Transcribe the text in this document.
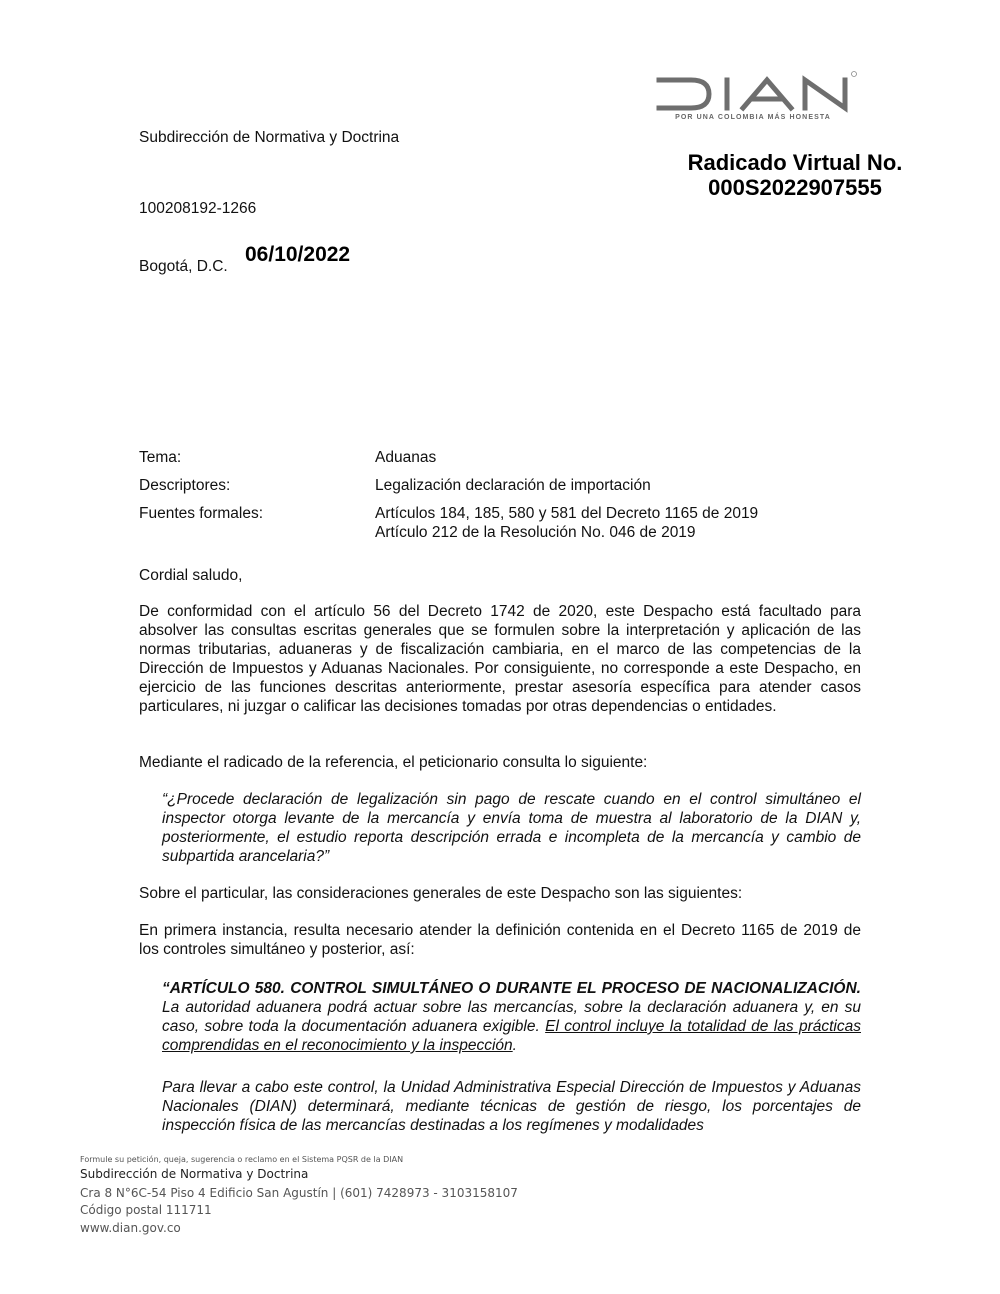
POR UNA COLOMBIA MÁS HONESTA
Subdirección de Normativa y Doctrina
Radicado Virtual No.
000S2022907555
100208192-1266
Bogotá, D.C.
06/10/2022
Tema:	Aduanas
Descriptores:	Legalización declaración de importación
Fuentes formales:	Artículos 184, 185, 580 y 581 del Decreto 1165 de 2019
Artículo 212 de la Resolución No. 046 de 2019
Cordial saludo,
De conformidad con el artículo 56 del Decreto 1742 de 2020, este Despacho está facultado para absolver las consultas escritas generales que se formulen sobre la interpretación y aplicación de las normas tributarias, aduaneras y de fiscalización cambiaria, en el marco de las competencias de la Dirección de Impuestos y Aduanas Nacionales. Por consiguiente, no corresponde a este Despacho, en ejercicio de las funciones descritas anteriormente, prestar asesoría específica para atender casos particulares, ni juzgar o calificar las decisiones tomadas por otras dependencias o entidades.
Mediante el radicado de la referencia, el peticionario consulta lo siguiente:
“¿Procede declaración de legalización sin pago de rescate cuando en el control simultáneo el inspector otorga levante de la mercancía y envía toma de muestra al laboratorio de la DIAN y, posteriormente, el estudio reporta descripción errada e incompleta de la mercancía y cambio de subpartida arancelaria?”
Sobre el particular, las consideraciones generales de este Despacho son las siguientes:
En primera instancia, resulta necesario atender la definición contenida en el Decreto 1165 de 2019 de los controles simultáneo y posterior, así:
“ARTÍCULO 580. CONTROL SIMULTÁNEO O DURANTE EL PROCESO DE NACIONALIZACIÓN. La autoridad aduanera podrá actuar sobre las mercancías, sobre la declaración aduanera y, en su caso, sobre toda la documentación aduanera exigible. El control incluye la totalidad de las prácticas comprendidas en el reconocimiento y la inspección.
Para llevar a cabo este control, la Unidad Administrativa Especial Dirección de Impuestos y Aduanas Nacionales (DIAN) determinará, mediante técnicas de gestión de riesgo, los porcentajes de inspección física de las mercancías destinadas a los regímenes y modalidades
Formule su petición, queja, sugerencia o reclamo en el Sistema PQSR de la DIAN
Subdirección de Normativa y Doctrina
Cra 8 N°6C-54 Piso 4 Edificio San Agustín | (601) 7428973 - 3103158107
Código postal 111711
www.dian.gov.co
